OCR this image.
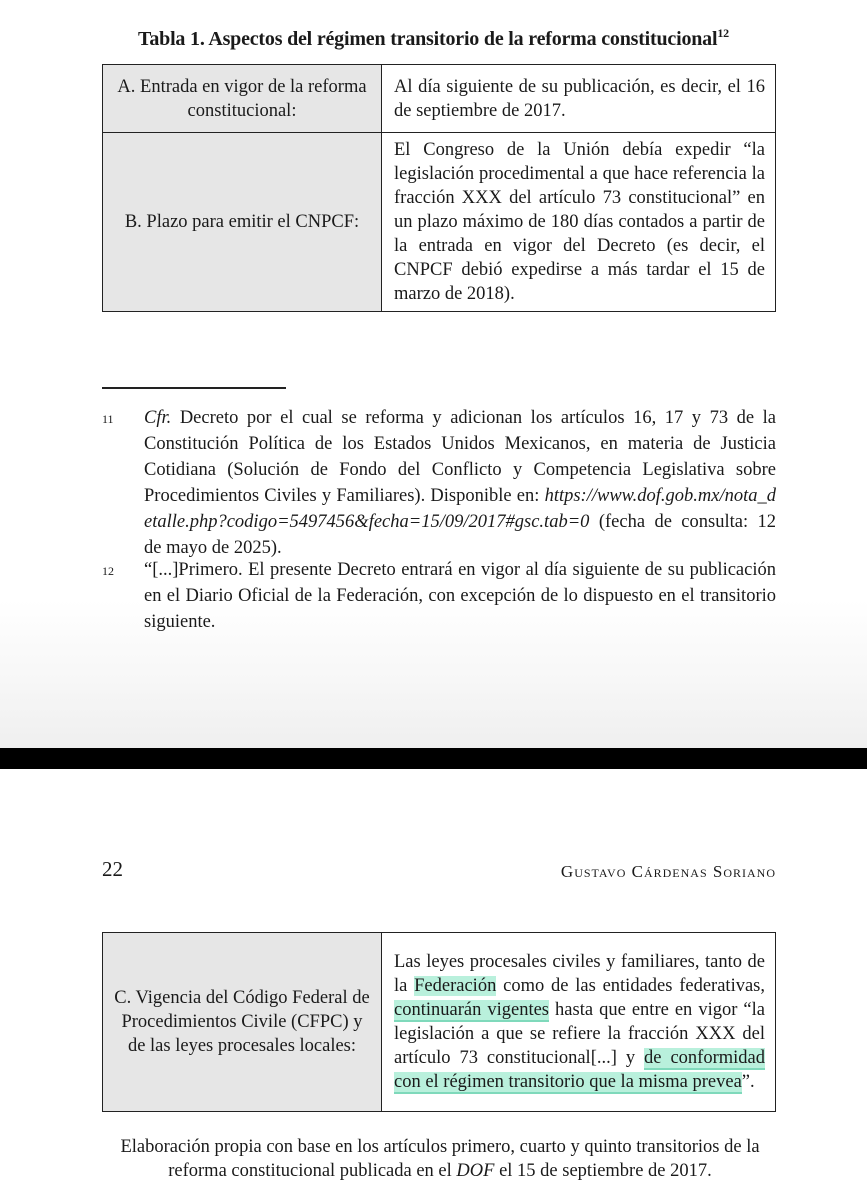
Tabla 1. Aspectos del régimen transitorio de la reforma constitucional$^{12}$
A. Entrada en vigor de la reforma constitucional:	Al día siguiente de su publicación, es decir, el 16 de septiembre de 2017.
B. Plazo para emitir el CNPCF:	El Congreso de la Unión debía expedir “la legislación procedimental a que hace referencia la fracción XXX del artículo 73 constitucional” en un plazo máximo de 180 días contados a partir de la entrada en vigor del Decreto (es decir, el CNPCF debió expedirse a más tardar el 15 de marzo de 2018).
11 Cfr. Decreto por el cual se reforma y adicionan los artículos 16, 17 y 73 de la Constitución Política de los Estados Unidos Mexicanos, en materia de Justicia Cotidiana (Solución de Fondo del Conflicto y Competencia Legislativa sobre Procedimientos Civiles y Familiares). Disponible en: https://www.dof.gob.mx/nota_detalle.php?codigo=5497456&fecha=15/09/2017#gsc.tab=0 (fecha de consulta: 12 de mayo de 2025).
12 “[...]Primero. El presente Decreto entrará en vigor al día siguiente de su publicación en el Diario Oficial de la Federación, con excepción de lo dispuesto en el transitorio siguiente.
22	Gustavo Cárdenas Soriano
C. Vigencia del Código Federal de Procedimientos Civile (CFPC) y de las leyes procesales locales:	Las leyes procesales civiles y familiares, tanto de la Federación como de las entidades federativas, continuarán vigentes hasta que entre en vigor “la legislación a que se refiere la fracción XXX del artículo 73 constitucional[...] y de conformidad con el régimen transitorio que la misma prevea”.
Elaboración propia con base en los artículos primero, cuarto y quinto transitorios de la reforma constitucional publicada en el DOF el 15 de septiembre de 2017.
